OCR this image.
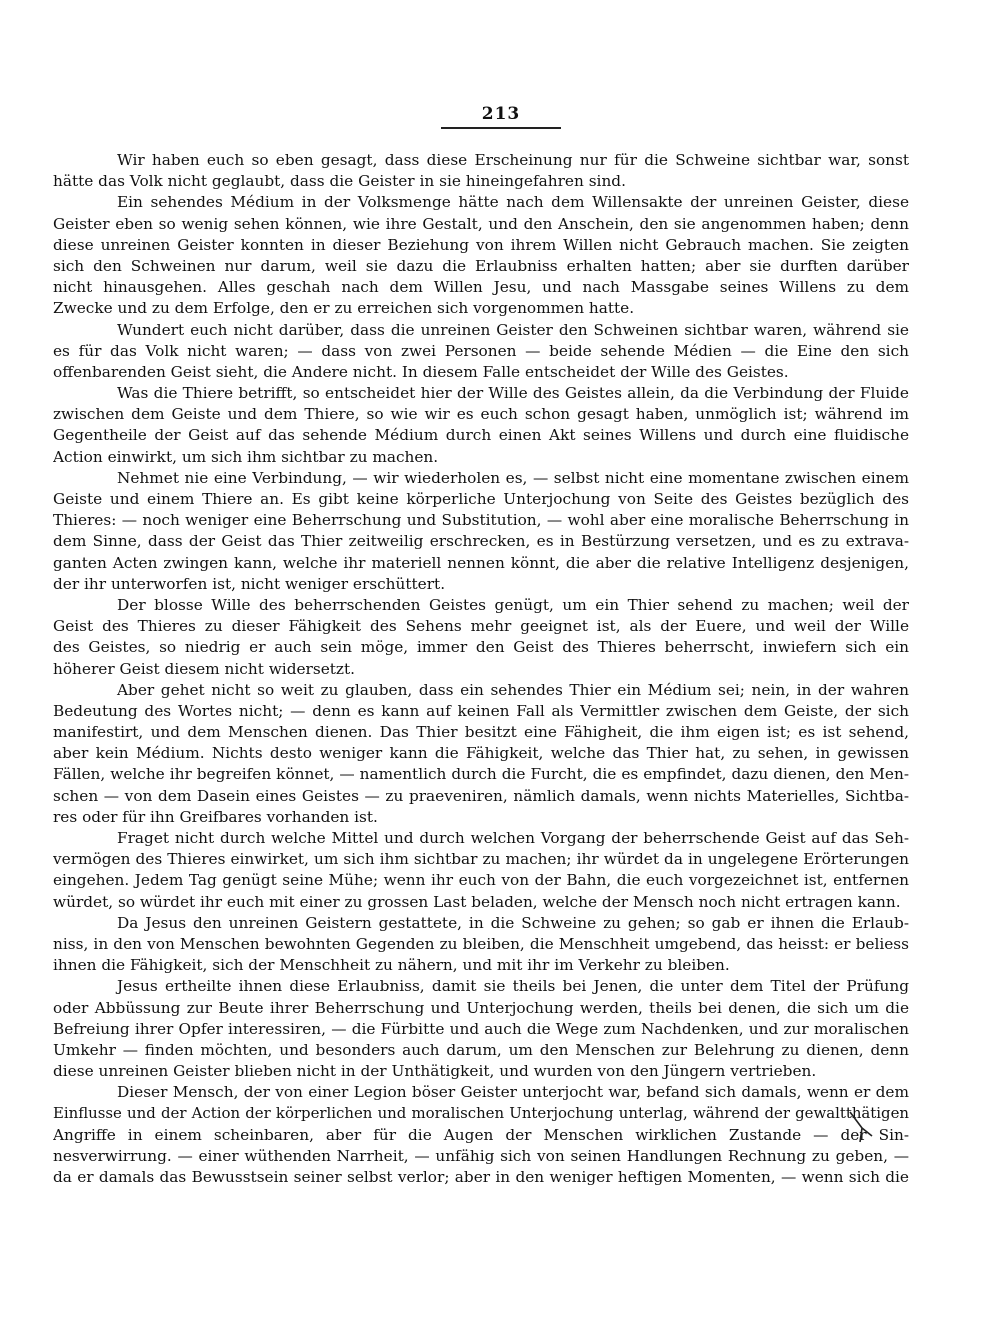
213
Wir haben euch so eben gesagt, dass diese Erscheinung nur für die Schweine sichtbar war, sonst
hätte das Volk nicht geglaubt, dass die Geister in sie hineingefahren sind.
Ein sehendes Médium in der Volksmenge hätte nach dem Willensakte der unreinen Geister, diese
Geister eben so wenig sehen können, wie ihre Gestalt, und den Anschein, den sie angenommen haben; denn
diese unreinen Geister konnten in dieser Beziehung von ihrem Willen nicht Gebrauch machen. Sie zeigten
sich den Schweinen nur darum, weil sie dazu die Erlaubniss erhalten hatten; aber sie durften darüber
nicht hinausgehen. Alles geschah nach dem Willen Jesu, und nach Massgabe seines Willens zu dem
Zwecke und zu dem Erfolge, den er zu erreichen sich vorgenommen hatte.
Wundert euch nicht darüber, dass die unreinen Geister den Schweinen sichtbar waren, während sie
es für das Volk nicht waren; — dass von zwei Personen — beide sehende Médien — die Eine den sich
offenbarenden Geist sieht, die Andere nicht. In diesem Falle entscheidet der Wille des Geistes.
Was die Thiere betrifft, so entscheidet hier der Wille des Geistes allein, da die Verbindung der Fluide
zwischen dem Geiste und dem Thiere, so wie wir es euch schon gesagt haben, unmöglich ist; während im
Gegentheile der Geist auf das sehende Médium durch einen Akt seines Willens und durch eine fluidische
Action einwirkt, um sich ihm sichtbar zu machen.
Nehmet nie eine Verbindung, — wir wiederholen es, — selbst nicht eine momentane zwischen einem
Geiste und einem Thiere an. Es gibt keine körperliche Unterjochung von Seite des Geistes bezüglich des
Thieres: — noch weniger eine Beherrschung und Substitution, — wohl aber eine moralische Beherrschung in
dem Sinne, dass der Geist das Thier zeitweilig erschrecken, es in Bestürzung versetzen, und es zu extrava-
ganten Acten zwingen kann, welche ihr materiell nennen könnt, die aber die relative Intelligenz desjenigen,
der ihr unterworfen ist, nicht weniger erschüttert.
Der blosse Wille des beherrschenden Geistes genügt, um ein Thier sehend zu machen; weil der
Geist des Thieres zu dieser Fähigkeit des Sehens mehr geeignet ist, als der Euere, und weil der Wille
des Geistes, so niedrig er auch sein möge, immer den Geist des Thieres beherrscht, inwiefern sich ein
höherer Geist diesem nicht widersetzt.
Aber gehet nicht so weit zu glauben, dass ein sehendes Thier ein Médium sei; nein, in der wahren
Bedeutung des Wortes nicht; — denn es kann auf keinen Fall als Vermittler zwischen dem Geiste, der sich
manifestirt, und dem Menschen dienen. Das Thier besitzt eine Fähigheit, die ihm eigen ist; es ist sehend,
aber kein Médium. Nichts desto weniger kann die Fähigkeit, welche das Thier hat, zu sehen, in gewissen
Fällen, welche ihr begreifen könnet, — namentlich durch die Furcht, die es empfindet, dazu dienen, den Men-
schen — von dem Dasein eines Geistes — zu praeveniren, nämlich damals, wenn nichts Materielles, Sichtba-
res oder für ihn Greifbares vorhanden ist.
Fraget nicht durch welche Mittel und durch welchen Vorgang der beherrschende Geist auf das Seh-
vermögen des Thieres einwirket, um sich ihm sichtbar zu machen; ihr würdet da in ungelegene Erörterungen
eingehen. Jedem Tag genügt seine Mühe; wenn ihr euch von der Bahn, die euch vorgezeichnet ist, entfernen
würdet, so würdet ihr euch mit einer zu grossen Last beladen, welche der Mensch noch nicht ertragen kann.
Da Jesus den unreinen Geistern gestattete, in die Schweine zu gehen; so gab er ihnen die Erlaub-
niss, in den von Menschen bewohnten Gegenden zu bleiben, die Menschheit umgebend, das heisst: er beliess
ihnen die Fähigkeit, sich der Menschheit zu nähern, und mit ihr im Verkehr zu bleiben.
Jesus ertheilte ihnen diese Erlaubniss, damit sie theils bei Jenen, die unter dem Titel der Prüfung
oder Abbüssung zur Beute ihrer Beherrschung und Unterjochung werden, theils bei denen, die sich um die
Befreiung ihrer Opfer interessiren, — die Fürbitte und auch die Wege zum Nachdenken, und zur moralischen
Umkehr — finden möchten, und besonders auch darum, um den Menschen zur Belehrung zu dienen, denn
diese unreinen Geister blieben nicht in der Unthätigkeit, und wurden von den Jüngern vertrieben.
Dieser Mensch, der von einer Legion böser Geister unterjocht war, befand sich damals, wenn er dem
Einflusse und der Action der körperlichen und moralischen Unterjochung unterlag, während der gewaltthätigen
Angriffe in einem scheinbaren, aber für die Augen der Menschen wirklichen Zustande — der Sin-
nesverwirrung. — einer wüthenden Narrheit, — unfähig sich von seinen Handlungen Rechnung zu geben, —
da er damals das Bewusstsein seiner selbst verlor; aber in den weniger heftigen Momenten, — wenn sich die
